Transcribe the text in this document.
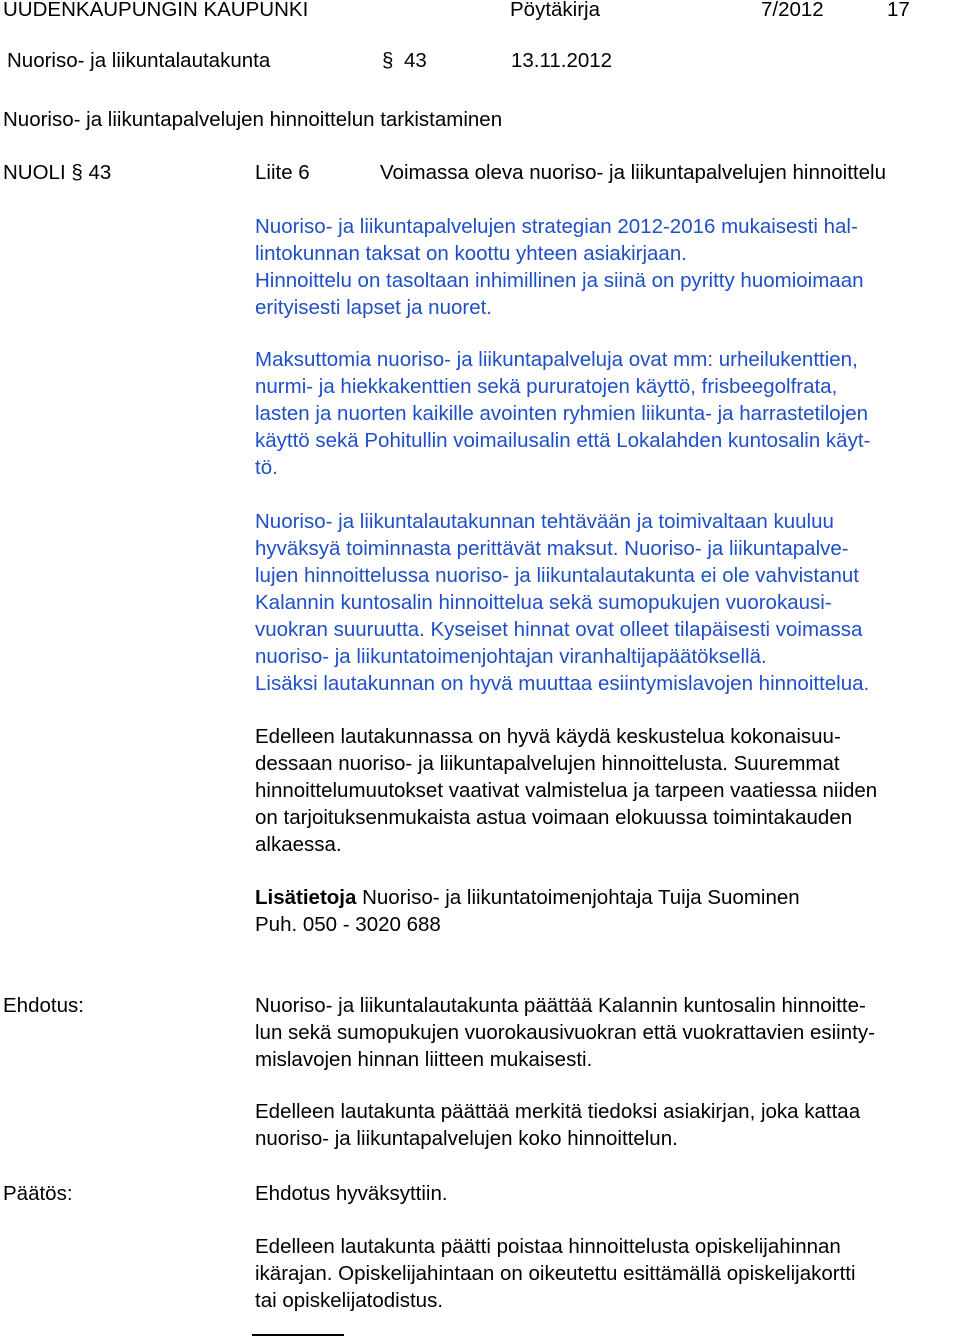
UUDENKAUPUNGIN KAUPUNKI	Pöytäkirja	7/2012	17
Nuoriso- ja liikuntalautakunta	§ 43	13.11.2012
Nuoriso- ja liikuntapalvelujen hinnoittelun tarkistaminen
NUOLI § 43	Liite 6	Voimassa oleva nuoriso- ja liikuntapalvelujen hinnoittelu
Nuoriso- ja liikuntapalvelujen strategian 2012-2016 mukaisesti hal-
lintokunnan taksat on koottu yhteen asiakirjaan.
Hinnoittelu on tasoltaan inhimillinen ja siinä on pyritty huomioimaan
erityisesti lapset ja nuoret.
Maksuttomia nuoriso- ja liikuntapalveluja ovat mm: urheilukenttien,
nurmi- ja hiekkakenttien sekä pururatojen käyttö, frisbeegolfrata,
lasten ja nuorten kaikille avointen ryhmien liikunta- ja harrastetilojen
käyttö sekä Pohitullin voimailusalin että Lokalahden kuntosalin käyt-
tö.
Nuoriso- ja liikuntalautakunnan tehtävään ja toimivaltaan kuuluu
hyväksyä toiminnasta perittävät maksut. Nuoriso- ja liikuntapalve-
lujen hinnoittelussa nuoriso- ja liikuntalautakunta ei ole vahvistanut
Kalannin kuntosalin hinnoittelua sekä sumopukujen vuorokausi-
vuokran suuruutta. Kyseiset hinnat ovat olleet tilapäisesti voimassa
nuoriso- ja liikuntatoimenjohtajan viranhaltijapäätöksellä.
Lisäksi lautakunnan on hyvä muuttaa esiintymislavojen hinnoittelua.
Edelleen lautakunnassa on hyvä käydä keskustelua kokonaisuu-
dessaan nuoriso- ja liikuntapalvelujen hinnoittelusta. Suuremmat
hinnoittelumuutokset vaativat valmistelua ja tarpeen vaatiessa niiden
on tarjoituksenmukaista astua voimaan elokuussa toimintakauden
alkaessa.
Lisätietoja Nuoriso- ja liikuntatoimenjohtaja Tuija Suominen
Puh. 050 - 3020 688
Ehdotus:	Nuoriso- ja liikuntalautakunta päättää Kalannin kuntosalin hinnoitte-
lun sekä sumopukujen vuorokausivuokran että vuokrattavien esiinty-
mislavojen hinnan liitteen mukaisesti.
Edelleen lautakunta päättää merkitä tiedoksi asiakirjan, joka kattaa
nuoriso- ja liikuntapalvelujen koko hinnoittelun.
Päätös:	Ehdotus hyväksyttiin.
Edelleen lautakunta päätti poistaa hinnoittelusta opiskelijahinnan
ikärajan. Opiskelijahintaan on oikeutettu esittämällä opiskelijakortti
tai opiskelijatodistus.
